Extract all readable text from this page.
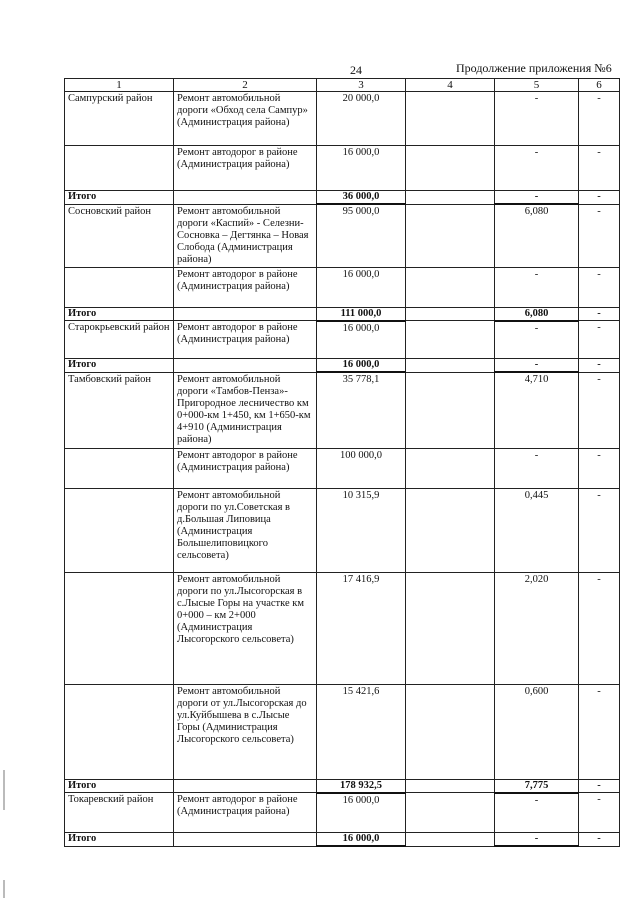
24	Продолжение приложения №6
1	2	3	4	5	6
Сампурский район	Ремонт автомобильной дороги «Обход села Сампур» (Администрация района)	20 000,0		-	-
	Ремонт автодорог в районе (Администрация района)	16 000,0		-	-
Итого		36 000,0		-	-
Сосновский район	Ремонт автомобильной дороги «Каспий» - Селезни- Сосновка – Дегтянка – Новая Слобода (Администрация района)	95 000,0		6,080	-
	Ремонт автодорог в районе (Администрация района)	16 000,0		-	-
Итого		111 000,0		6,080	-
Старокрьевский район	Ремонт автодорог в районе (Администрация района)	16 000,0		-	-
Итого		16 000,0		-	-
Тамбовский район	Ремонт автомобильной дороги «Тамбов-Пенза»-Пригородное лесничество км 0+000-км 1+450, км 1+650-км 4+910 (Администрация района)	35 778,1		4,710	-
	Ремонт автодорог в районе (Администрация района)	100 000,0		-	-
	Ремонт автомобильной дороги по ул.Советская в д.Большая Липовица (Администрация Большелиповицкого сельсовета)	10 315,9		0,445	-
	Ремонт автомобильной дороги по ул.Лысогорская в с.Лысые Горы на участке км 0+000 – км 2+000 (Администрация Лысогорского сельсовета)	17 416,9		2,020	-
	Ремонт автомобильной дороги от ул.Лысогорская до ул.Куйбышева в с.Лысые Горы (Администрация Лысогорского сельсовета)	15 421,6		0,600	-
Итого		178 932,5		7,775	-
Токаревский район	Ремонт автодорог в районе (Администрация района)	16 000,0		-	-
Итого		16 000,0		-	-
